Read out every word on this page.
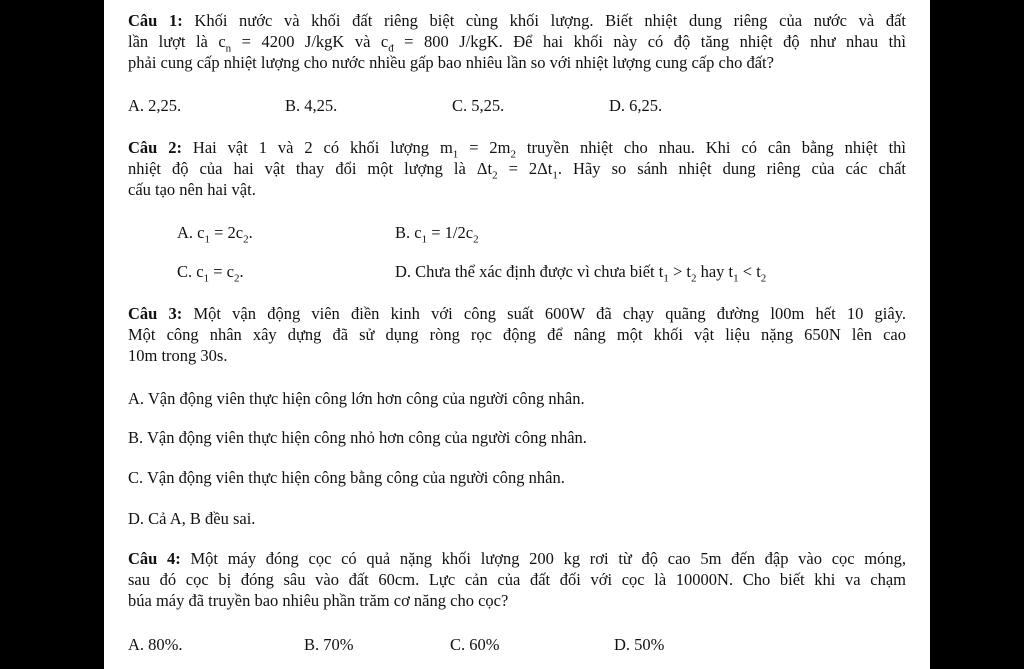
Câu 1: Khối nước và khối đất riêng biệt cùng khối lượng. Biết nhiệt dung riêng của nước và đất
lần lượt là $c_n = 4200$ J/kgK và $c_đ = 800$ J/kgK. Để hai khối này có độ tăng nhiệt độ như nhau thì
phải cung cấp nhiệt lượng cho nước nhiều gấp bao nhiêu lần so với nhiệt lượng cung cấp cho đất?
A. 2,25.	B. 4,25.	C. 5,25.	D. 6,25.
Câu 2: Hai vật 1 và 2 có khối lượng $m_1 = 2m_2$ truyền nhiệt cho nhau. Khi có cân bằng nhiệt thì
nhiệt độ của hai vật thay đổi một lượng là $\Delta t_2 = 2\Delta t_1$. Hãy so sánh nhiệt dung riêng của các chất
cấu tạo nên hai vật.
A. $c_1 = 2c_2$.	B. $c_1 = 1/2c_2$
C. $c_1 = c_2$.	D. Chưa thể xác định được vì chưa biết $t_1 > t_2$ hay $t_1 < t_2$
Câu 3: Một vận động viên điền kinh với công suất 600W đã chạy quãng đường l00m hết 10 giây.
Một công nhân xây dựng đã sử dụng ròng rọc động để nâng một khối vật liệu nặng 650N lên cao
10m trong 30s.
A. Vận động viên thực hiện công lớn hơn công của người công nhân.
B. Vận động viên thực hiện công nhỏ hơn công của người công nhân.
C. Vận động viên thực hiện công bằng công của người công nhân.
D. Cả A, B đều sai.
Câu 4: Một máy đóng cọc có quả nặng khối lượng 200 kg rơi từ độ cao 5m đến đập vào cọc móng,
sau đó cọc bị đóng sâu vào đất 60cm. Lực cản của đất đối với cọc là 10000N. Cho biết khi va chạm
búa máy đã truyền bao nhiêu phần trăm cơ năng cho cọc?
A. 80%.	B. 70%	C. 60%	D. 50%
